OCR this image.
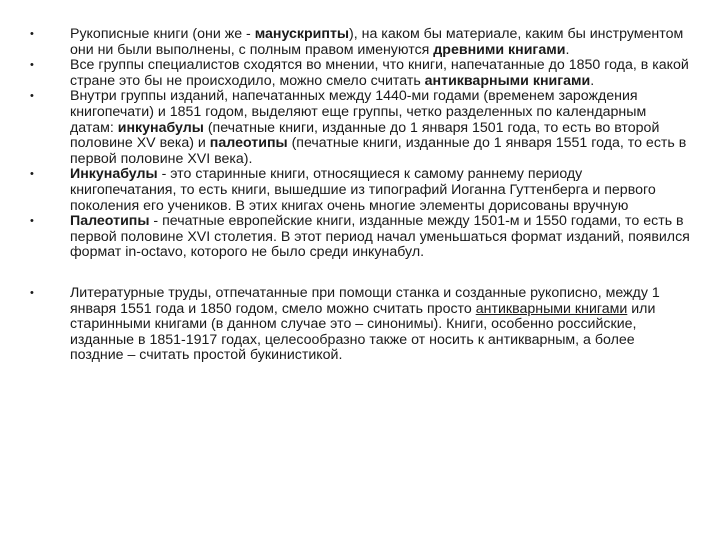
•	Рукописные книги (они же - манускрипты), на каком бы материале, каким бы инструментом они ни были выполнены, с полным правом именуются древними книгами.
•	Все группы специалистов сходятся во мнении, что книги, напечатанные до 1850 года, в какой стране это бы не происходило, можно смело считать антикварными книгами.
•	Внутри группы изданий, напечатанных между 1440-ми годами (временем зарождения книгопечати) и 1851 годом, выделяют еще группы, четко разделенных по календарным датам: инкунабулы (печатные книги, изданные до 1 января 1501 года, то есть во второй половине XV века) и палеотипы (печатные книги, изданные до 1 января 1551 года, то есть в первой половине XVI века).
•	Инкунабулы - это старинные книги, относящиеся к самому раннему периоду книгопечатания, то есть книги, вышедшие из типографий Иоганна Гуттенберга и первого поколения его учеников. В этих книгах очень многие элементы дорисованы вручную
•	Палеотипы - печатные европейские книги, изданные между 1501-м и 1550 годами, то есть в первой половине XVI столетия. В этот период начал уменьшаться формат изданий, появился формат in-octavo, которого не было среди инкунабул.
•	Литературные труды, отпечатанные при помощи станка и созданные рукописно, между 1 января 1551 года и 1850 годом, смело можно считать просто антикварными книгами или старинными книгами (в данном случае это – синонимы). Книги, особенно российские, изданные в 1851-1917 годах, целесообразно также от носить к антикварным, а более поздние – считать простой букинистикой.
